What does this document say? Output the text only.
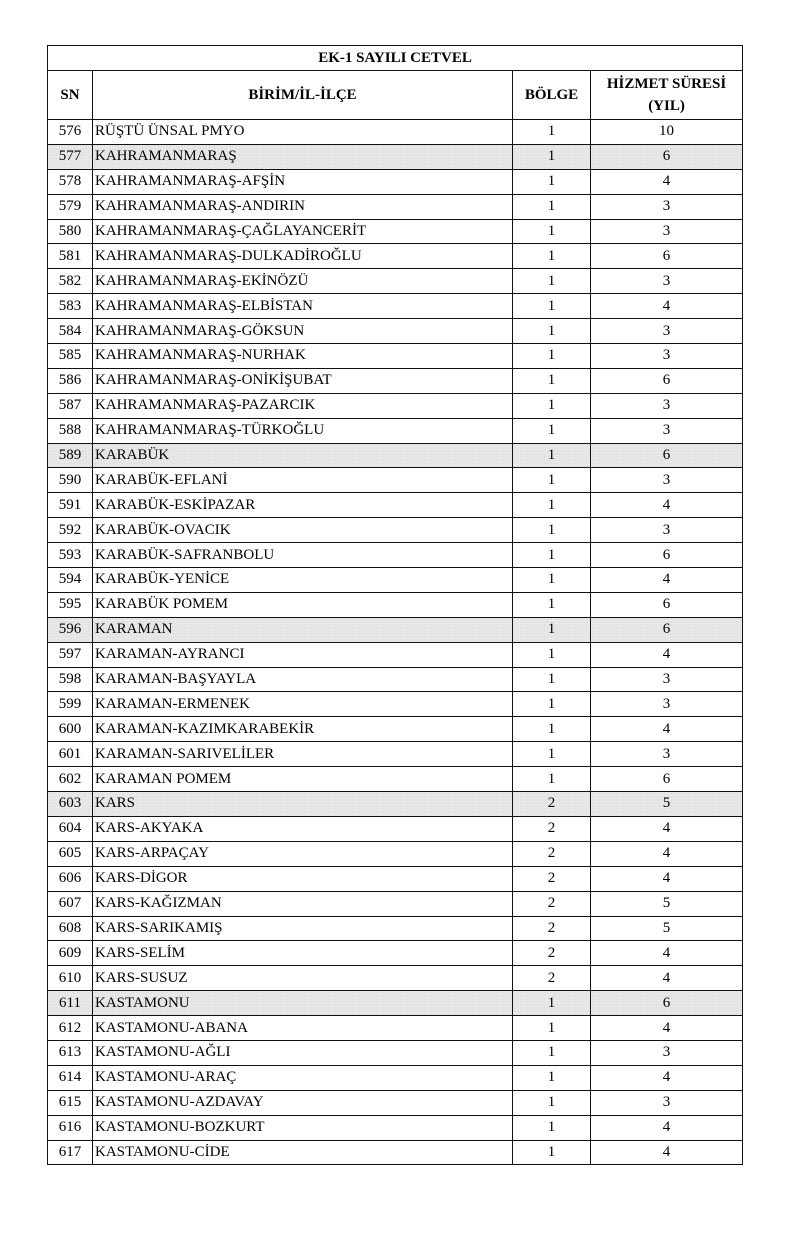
EK-1 SAYILI CETVEL			
SN	BİRİM/İL-İLÇE	BÖLGE	HİZMET SÜRESİ
(YIL)

576	RÜŞTÜ ÜNSAL PMYO	1	10
577	KAHRAMANMARAŞ	1	6
578	KAHRAMANMARAŞ-AFŞİN	1	4
579	KAHRAMANMARAŞ-ANDIRIN	1	3
580	KAHRAMANMARAŞ-ÇAĞLAYANCERİT	1	3
581	KAHRAMANMARAŞ-DULKADİROĞLU	1	6
582	KAHRAMANMARAŞ-EKİNÖZÜ	1	3
583	KAHRAMANMARAŞ-ELBİSTAN	1	4
584	KAHRAMANMARAŞ-GÖKSUN	1	3
585	KAHRAMANMARAŞ-NURHAK	1	3
586	KAHRAMANMARAŞ-ONİKİŞUBAT	1	6
587	KAHRAMANMARAŞ-PAZARCIK	1	3
588	KAHRAMANMARAŞ-TÜRKOĞLU	1	3
589	KARABÜK	1	6
590	KARABÜK-EFLANİ	1	3
591	KARABÜK-ESKİPAZAR	1	4
592	KARABÜK-OVACIK	1	3
593	KARABÜK-SAFRANBOLU	1	6
594	KARABÜK-YENİCE	1	4
595	KARABÜK POMEM	1	6
596	KARAMAN	1	6
597	KARAMAN-AYRANCI	1	4
598	KARAMAN-BAŞYAYLA	1	3
599	KARAMAN-ERMENEK	1	3
600	KARAMAN-KAZIMKARABEKİR	1	4
601	KARAMAN-SARIVELİLER	1	3
602	KARAMAN POMEM	1	6
603	KARS	2	5
604	KARS-AKYAKA	2	4
605	KARS-ARPAÇAY	2	4
606	KARS-DİGOR	2	4
607	KARS-KAĞIZMAN	2	5
608	KARS-SARIKAMIŞ	2	5
609	KARS-SELİM	2	4
610	KARS-SUSUZ	2	4
611	KASTAMONU	1	6
612	KASTAMONU-ABANA	1	4
613	KASTAMONU-AĞLI	1	3
614	KASTAMONU-ARAÇ	1	4
615	KASTAMONU-AZDAVAY	1	3
616	KASTAMONU-BOZKURT	1	4
617	KASTAMONU-CİDE	1	4
